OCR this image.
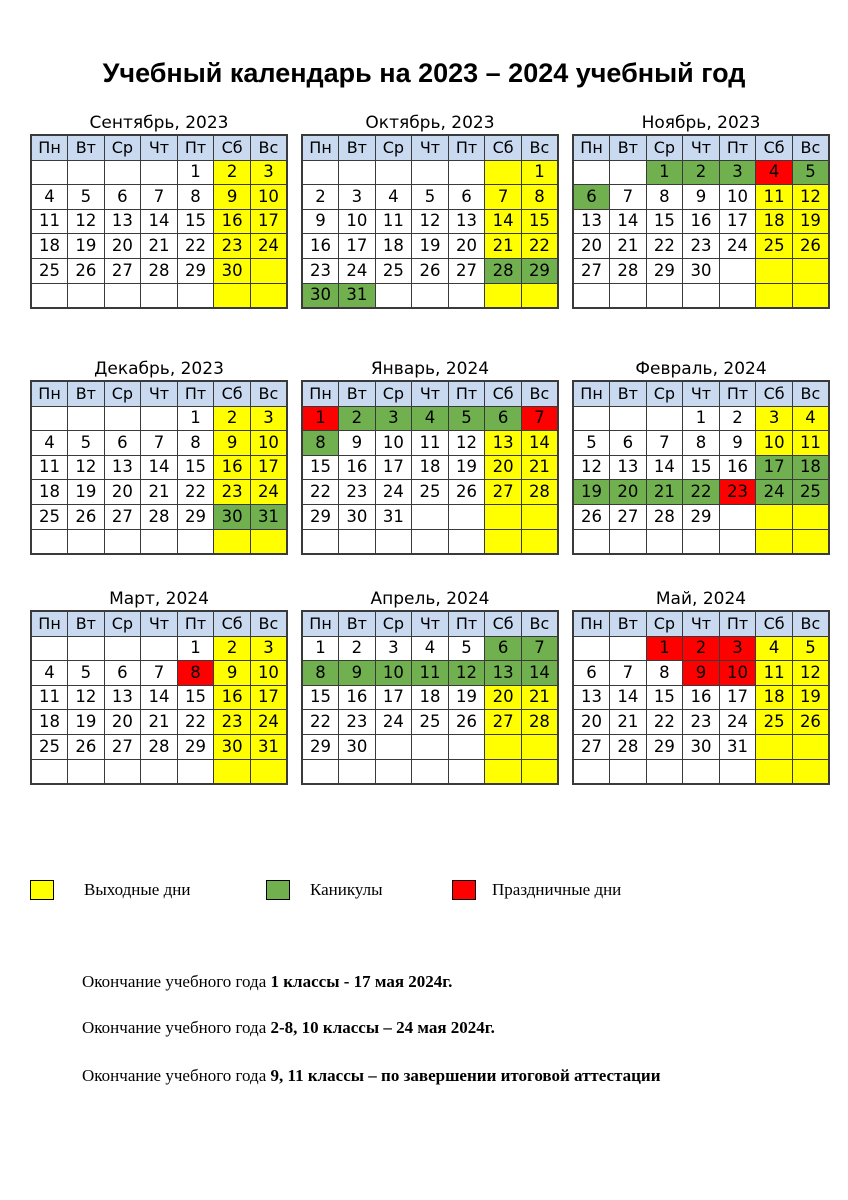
Учебный календарь на 2023 – 2024 учебный год
Сентябрь, 2023
Пн	Вт	Ср	Чт	Пт	Сб	Вс
				1	2	3
4	5	6	7	8	9	10
11	12	13	14	15	16	17
18	19	20	21	22	23	24
25	26	27	28	29	30	

Октябрь, 2023
Пн	Вт	Ср	Чт	Пт	Сб	Вс
						1
2	3	4	5	6	7	8
9	10	11	12	13	14	15
16	17	18	19	20	21	22
23	24	25	26	27	28	29
30	31					
Ноябрь, 2023
Пн	Вт	Ср	Чт	Пт	Сб	Вс
		1	2	3	4	5
6	7	8	9	10	11	12
13	14	15	16	17	18	19
20	21	22	23	24	25	26
27	28	29	30			

Декабрь, 2023
Пн	Вт	Ср	Чт	Пт	Сб	Вс
				1	2	3
4	5	6	7	8	9	10
11	12	13	14	15	16	17
18	19	20	21	22	23	24
25	26	27	28	29	30	31

Январь, 2024
Пн	Вт	Ср	Чт	Пт	Сб	Вс
1	2	3	4	5	6	7
8	9	10	11	12	13	14
15	16	17	18	19	20	21
22	23	24	25	26	27	28
29	30	31				

Февраль, 2024
Пн	Вт	Ср	Чт	Пт	Сб	Вс
			1	2	3	4
5	6	7	8	9	10	11
12	13	14	15	16	17	18
19	20	21	22	23	24	25
26	27	28	29			

Март, 2024
Пн	Вт	Ср	Чт	Пт	Сб	Вс
				1	2	3
4	5	6	7	8	9	10
11	12	13	14	15	16	17
18	19	20	21	22	23	24
25	26	27	28	29	30	31

Апрель, 2024
Пн	Вт	Ср	Чт	Пт	Сб	Вс
1	2	3	4	5	6	7
8	9	10	11	12	13	14
15	16	17	18	19	20	21
22	23	24	25	26	27	28
29	30					

Май, 2024
Пн	Вт	Ср	Чт	Пт	Сб	Вс
		1	2	3	4	5
6	7	8	9	10	11	12
13	14	15	16	17	18	19
20	21	22	23	24	25	26
27	28	29	30	31		

Выходные дни	Каникулы	Праздничные дни
Окончание учебного года 1 классы - 17 мая 2024г.
Окончание учебного года 2-8, 10 классы – 24 мая 2024г.
Окончание учебного года 9, 11 классы – по завершении итоговой аттестации
